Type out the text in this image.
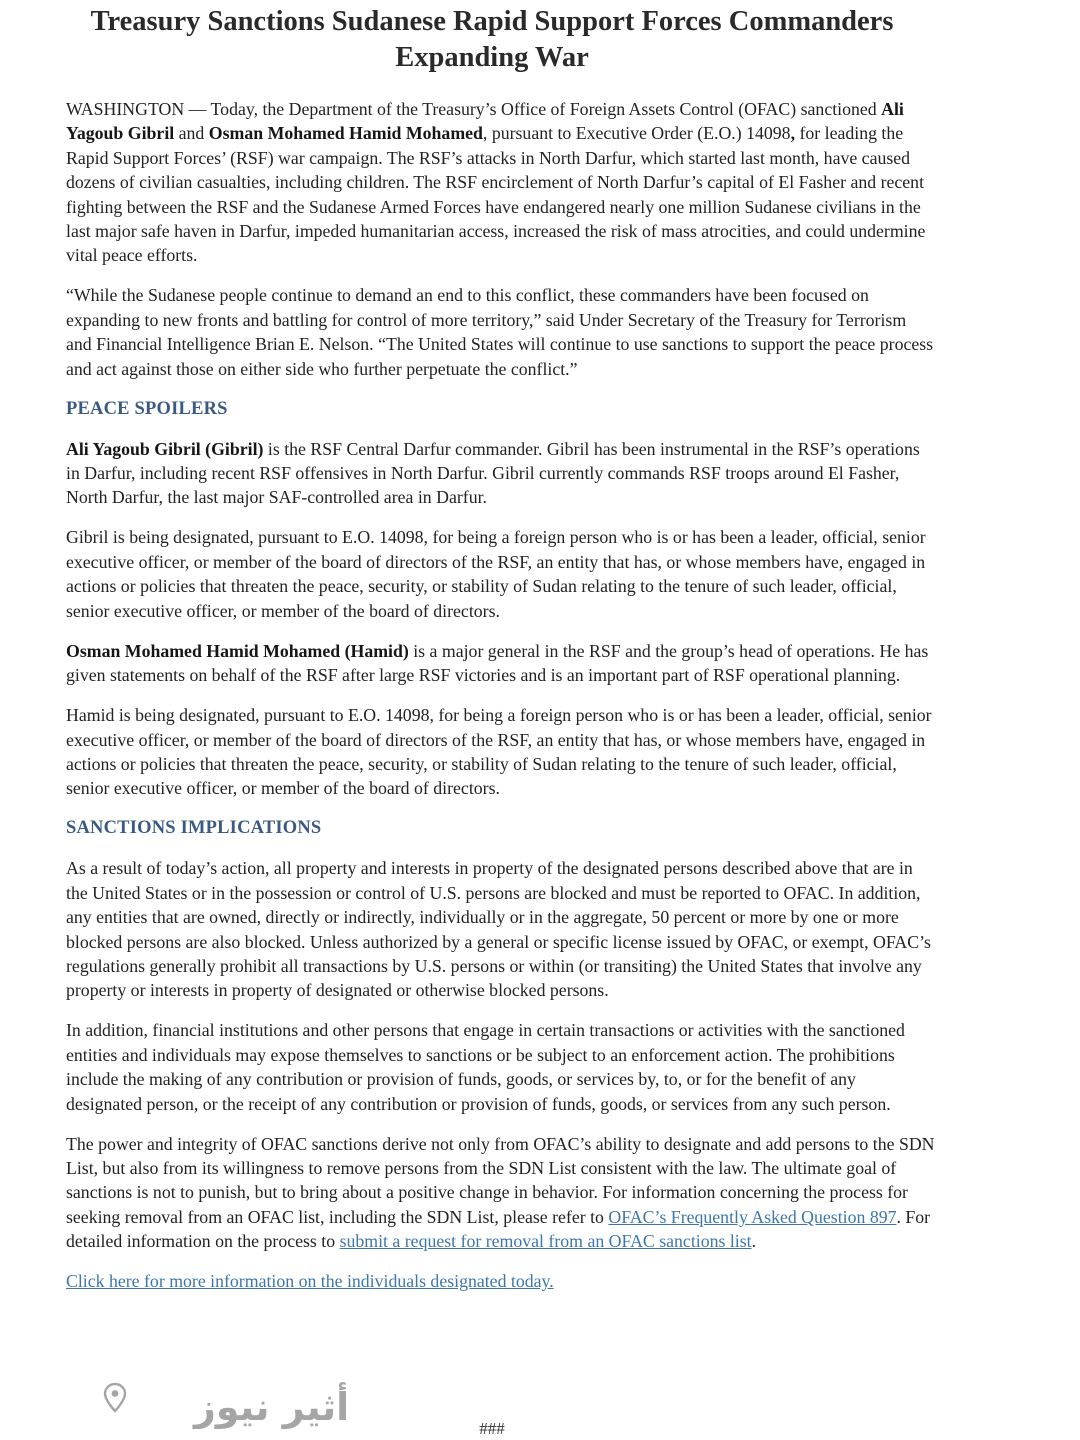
Treasury Sanctions Sudanese Rapid Support Forces Commanders Expanding War

WASHINGTON — Today, the Department of the Treasury’s Office of Foreign Assets Control (OFAC) sanctioned Ali Yagoub Gibril and Osman Mohamed Hamid Mohamed, pursuant to Executive Order (E.O.) 14098, for leading the Rapid Support Forces’ (RSF) war campaign. The RSF’s attacks in North Darfur, which started last month, have caused dozens of civilian casualties, including children. The RSF encirclement of North Darfur’s capital of El Fasher and recent fighting between the RSF and the Sudanese Armed Forces have endangered nearly one million Sudanese civilians in the last major safe haven in Darfur, impeded humanitarian access, increased the risk of mass atrocities, and could undermine vital peace efforts.

“While the Sudanese people continue to demand an end to this conflict, these commanders have been focused on expanding to new fronts and battling for control of more territory,” said Under Secretary of the Treasury for Terrorism and Financial Intelligence Brian E. Nelson. “The United States will continue to use sanctions to support the peace process and act against those on either side who further perpetuate the conflict.”

PEACE SPOILERS

Ali Yagoub Gibril (Gibril) is the RSF Central Darfur commander. Gibril has been instrumental in the RSF’s operations in Darfur, including recent RSF offensives in North Darfur. Gibril currently commands RSF troops around El Fasher, North Darfur, the last major SAF-controlled area in Darfur.

Gibril is being designated, pursuant to E.O. 14098, for being a foreign person who is or has been a leader, official, senior executive officer, or member of the board of directors of the RSF, an entity that has, or whose members have, engaged in actions or policies that threaten the peace, security, or stability of Sudan relating to the tenure of such leader, official, senior executive officer, or member of the board of directors.

Osman Mohamed Hamid Mohamed (Hamid) is a major general in the RSF and the group’s head of operations. He has given statements on behalf of the RSF after large RSF victories and is an important part of RSF operational planning.

Hamid is being designated, pursuant to E.O. 14098, for being a foreign person who is or has been a leader, official, senior executive officer, or member of the board of directors of the RSF, an entity that has, or whose members have, engaged in actions or policies that threaten the peace, security, or stability of Sudan relating to the tenure of such leader, official, senior executive officer, or member of the board of directors.

SANCTIONS IMPLICATIONS

As a result of today’s action, all property and interests in property of the designated persons described above that are in the United States or in the possession or control of U.S. persons are blocked and must be reported to OFAC. In addition, any entities that are owned, directly or indirectly, individually or in the aggregate, 50 percent or more by one or more blocked persons are also blocked. Unless authorized by a general or specific license issued by OFAC, or exempt, OFAC’s regulations generally prohibit all transactions by U.S. persons or within (or transiting) the United States that involve any property or interests in property of designated or otherwise blocked persons.

In addition, financial institutions and other persons that engage in certain transactions or activities with the sanctioned entities and individuals may expose themselves to sanctions or be subject to an enforcement action. The prohibitions include the making of any contribution or provision of funds, goods, or services by, to, or for the benefit of any designated person, or the receipt of any contribution or provision of funds, goods, or services from any such person.

The power and integrity of OFAC sanctions derive not only from OFAC’s ability to designate and add persons to the SDN List, but also from its willingness to remove persons from the SDN List consistent with the law. The ultimate goal of sanctions is not to punish, but to bring about a positive change in behavior. For information concerning the process for seeking removal from an OFAC list, including the SDN List, please refer to OFAC’s Frequently Asked Question 897. For detailed information on the process to submit a request for removal from an OFAC sanctions list.

Click here for more information on the individuals designated today.

###
أثير نيوز
